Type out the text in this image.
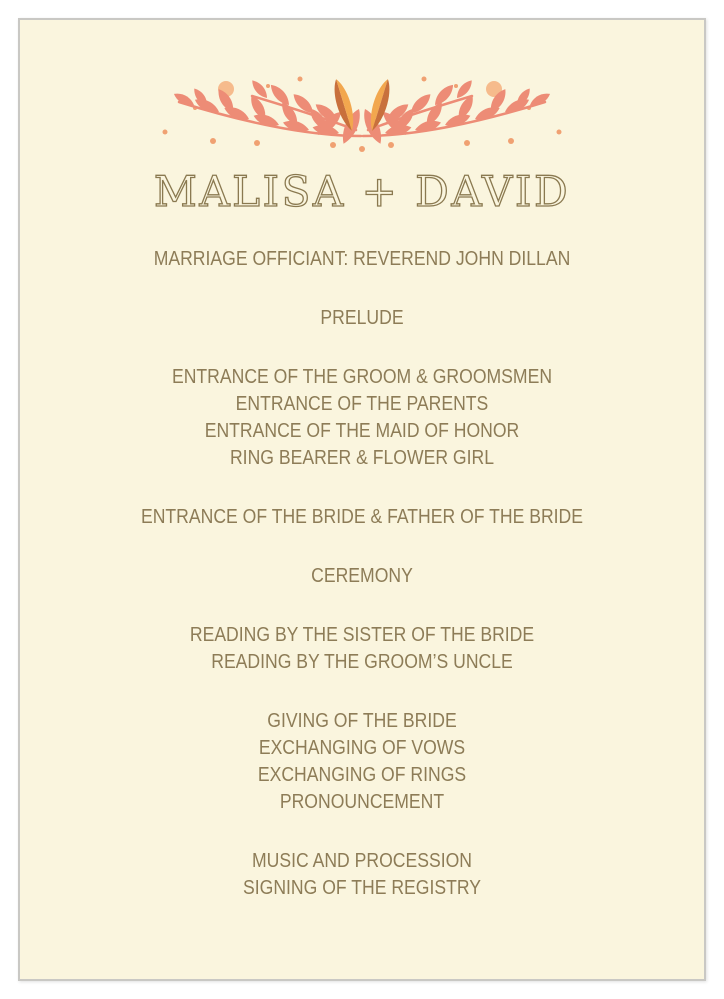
MALISA + DAVID
MARRIAGE OFFICIANT: REVEREND JOHN DILLAN
PRELUDE
ENTRANCE OF THE GROOM & GROOMSMEN
ENTRANCE OF THE PARENTS
ENTRANCE OF THE MAID OF HONOR
RING BEARER & FLOWER GIRL
ENTRANCE OF THE BRIDE & FATHER OF THE BRIDE
CEREMONY
READING BY THE SISTER OF THE BRIDE
READING BY THE GROOM’S UNCLE
GIVING OF THE BRIDE
EXCHANGING OF VOWS
EXCHANGING OF RINGS
PRONOUNCEMENT
MUSIC AND PROCESSION
SIGNING OF THE REGISTRY
